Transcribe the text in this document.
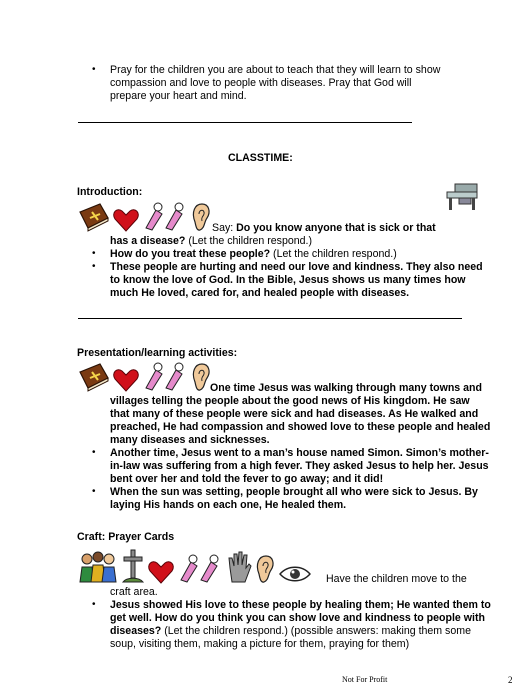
• Pray for the children you are about to teach that they will learn to show

compassion and love to people with diseases. Pray that God will

prepare your heart and mind.

CLASSTIME:
Introduction:
Say: Do you know anyone that is sick or that
has a disease? (Let the children respond.)
• How do you treat these people? (Let the children respond.)
• These people are hurting and need our love and kindness. They also need

to know the love of God. In the Bible, Jesus shows us many times how

much He loved, cared for, and healed people with diseases.

Presentation/learning activities:
One time Jesus was walking through many towns and

villages telling the people about the good news of His kingdom. He saw

that many of these people were sick and had diseases. As He walked and

preached, He had compassion and showed love to these people and healed

many diseases and sicknesses.

• Another time, Jesus went to a man’s house named Simon. Simon’s mother-

in-law was suffering from a high fever. They asked Jesus to help her. Jesus

bent over her and told the fever to go away; and it did!

• When the sun was setting, people brought all who were sick to Jesus. By

laying His hands on each one, He healed them.

Craft: Prayer Cards
Have the children move to the
craft area.
• Jesus showed His love to these people by healing them; He wanted them to

get well. How do you think you can show love and kindness to people with

diseases? (Let the children respond.) (possible answers: making them some

soup, visiting them, making a picture for them, praying for them)

Not For Profit	2
